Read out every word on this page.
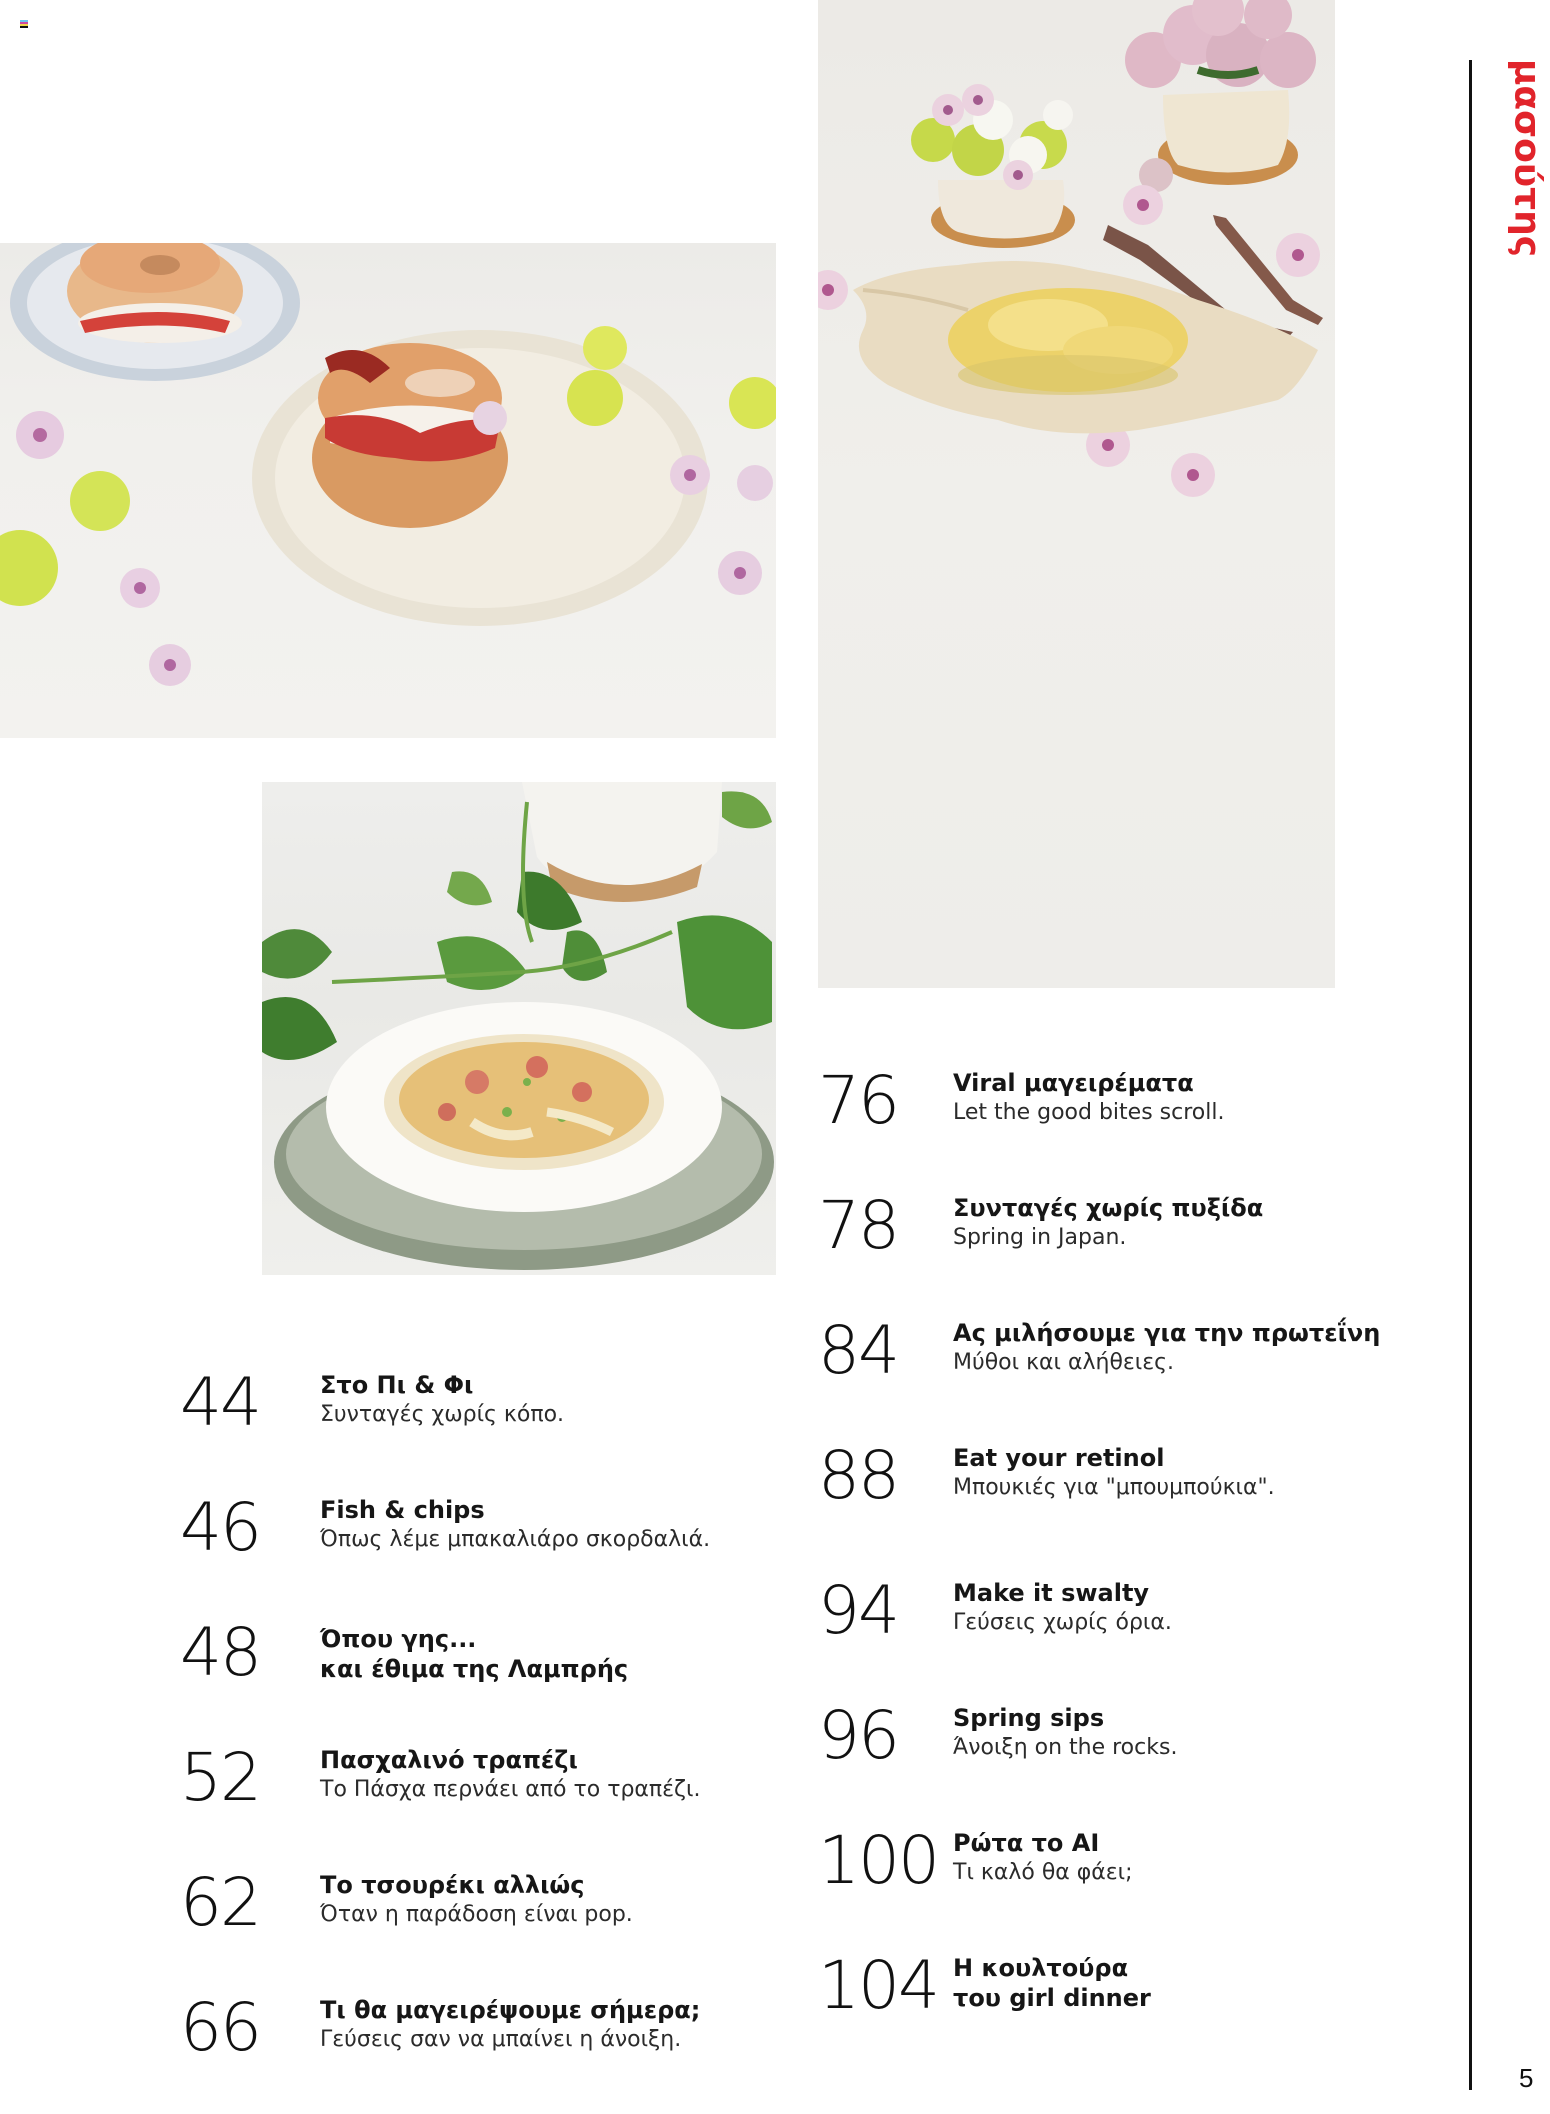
μασούτης
5
44	Στο Πι & Φι
Συνταγές χωρίς κόπο.
46	Fish & chips
Όπως λέμε μπακαλιάρο σκορδαλιά.
48	Όπου γης...
και έθιμα της Λαμπρής
52	Πασχαλινό τραπέζι
Το Πάσχα περνάει από το τραπέζι.
62	Το τσουρέκι αλλιώς
Όταν η παράδοση είναι pop.
66	Τι θα μαγειρέψουμε σήμερα;
Γεύσεις σαν να μπαίνει η άνοιξη.
76 Viral μαγειρέματα
Let the good bites scroll.
78 Συνταγές χωρίς πυξίδα
Spring in Japan.
84 Ας μιλήσουμε για την πρωτεΐνη
Μύθοι και αλήθειες.
88 Eat your retinol
Μπουκιές για "μπουμπούκια".
94 Make it swalty
Γεύσεις χωρίς όρια.
96 Spring sips
Άνοιξη on the rocks.
100 Ρώτα το AI
Τι καλό θα φάει;
104 Η κουλτούρα
του girl dinner
